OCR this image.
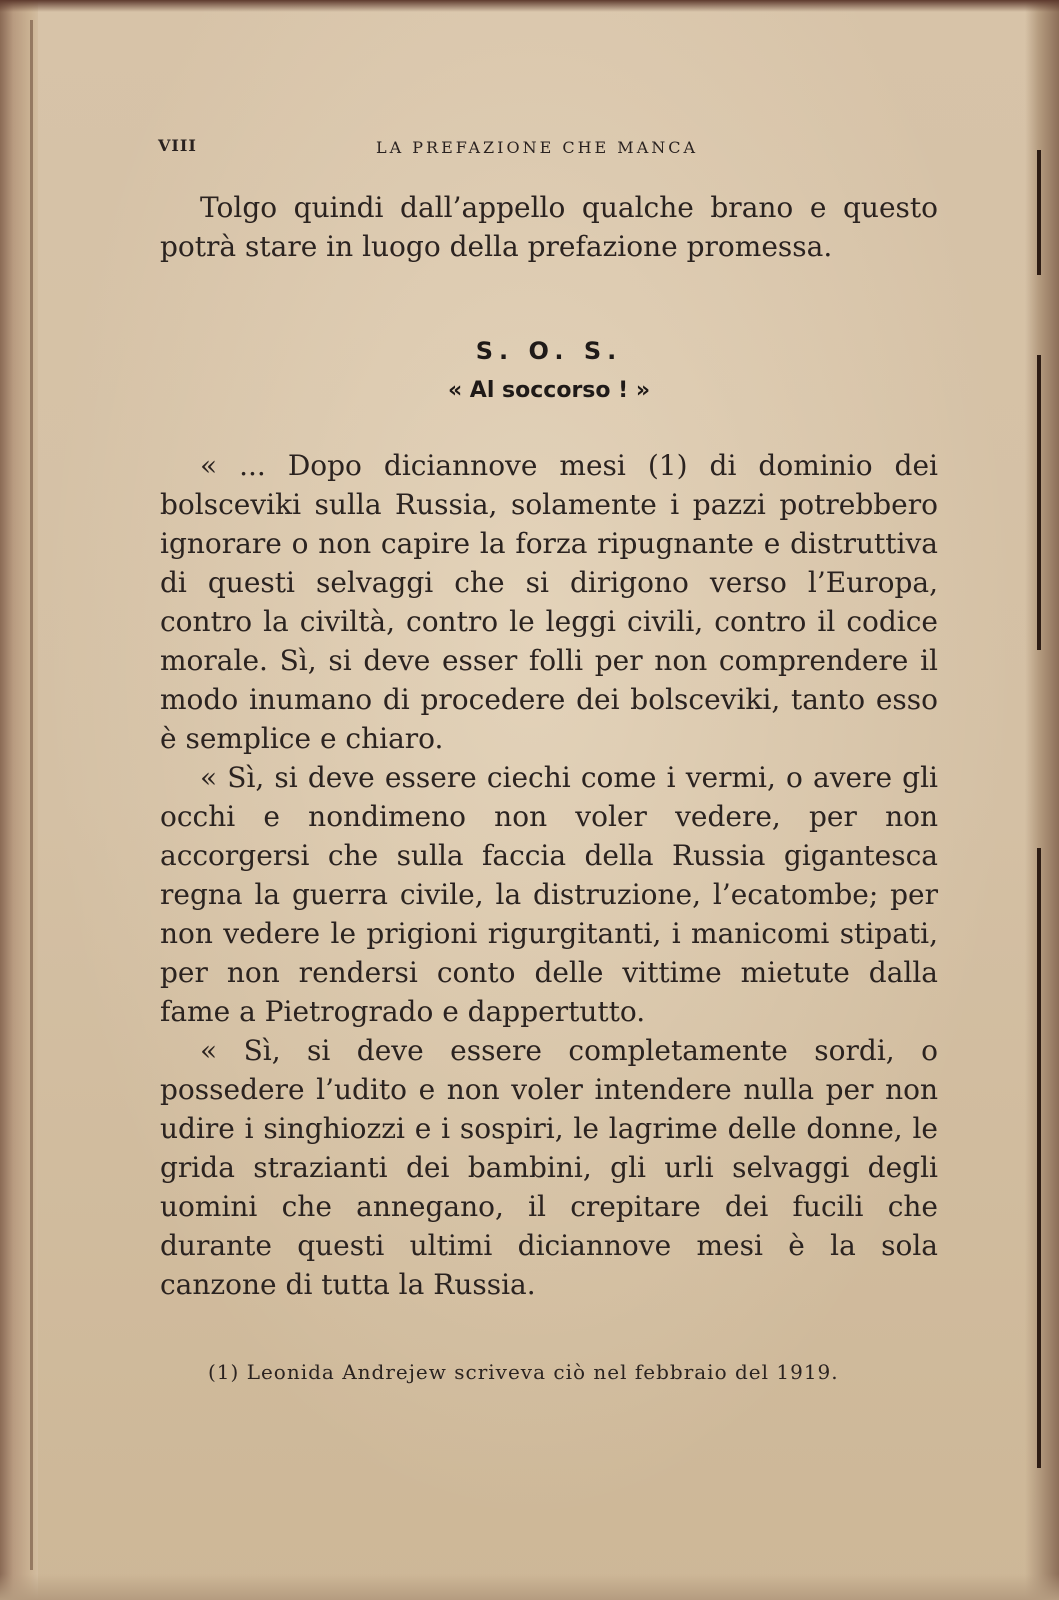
VIII	LA PREFAZIONE CHE MANCA

Tolgo quindi dall’appello qualche brano e questo potrà stare in luogo della prefazione promessa.

S. O. S.
« Al soccorso ! »

« ... Dopo diciannove mesi (1) di dominio dei bolsceviki sulla Russia, solamente i pazzi potrebbero ignorare o non capire la forza ripugnante e distruttiva di questi selvaggi che si dirigono verso l’Europa, contro la civiltà, contro le leggi civili, contro il codice morale. Sì, si deve esser folli per non comprendere il modo inumano di procedere dei bolsceviki, tanto esso è semplice e chiaro.

« Sì, si deve essere ciechi come i vermi, o avere gli occhi e nondimeno non voler vedere, per non accorgersi che sulla faccia della Russia gigantesca regna la guerra civile, la distruzione, l’ecatombe; per non vedere le prigioni rigurgitanti, i manicomi stipati, per non rendersi conto delle vittime mietute dalla fame a Pietrogrado e dappertutto.

« Sì, si deve essere completamente sordi, o possedere l’udito e non voler intendere nulla per non udire i singhiozzi e i sospiri, le lagrime delle donne, le grida strazianti dei bambini, gli urli selvaggi degli uomini che annegano, il crepitare dei fucili che durante questi ultimi diciannove mesi è la sola canzone di tutta la Russia.

(1) Leonida Andrejew scriveva ciò nel febbraio del 1919.
